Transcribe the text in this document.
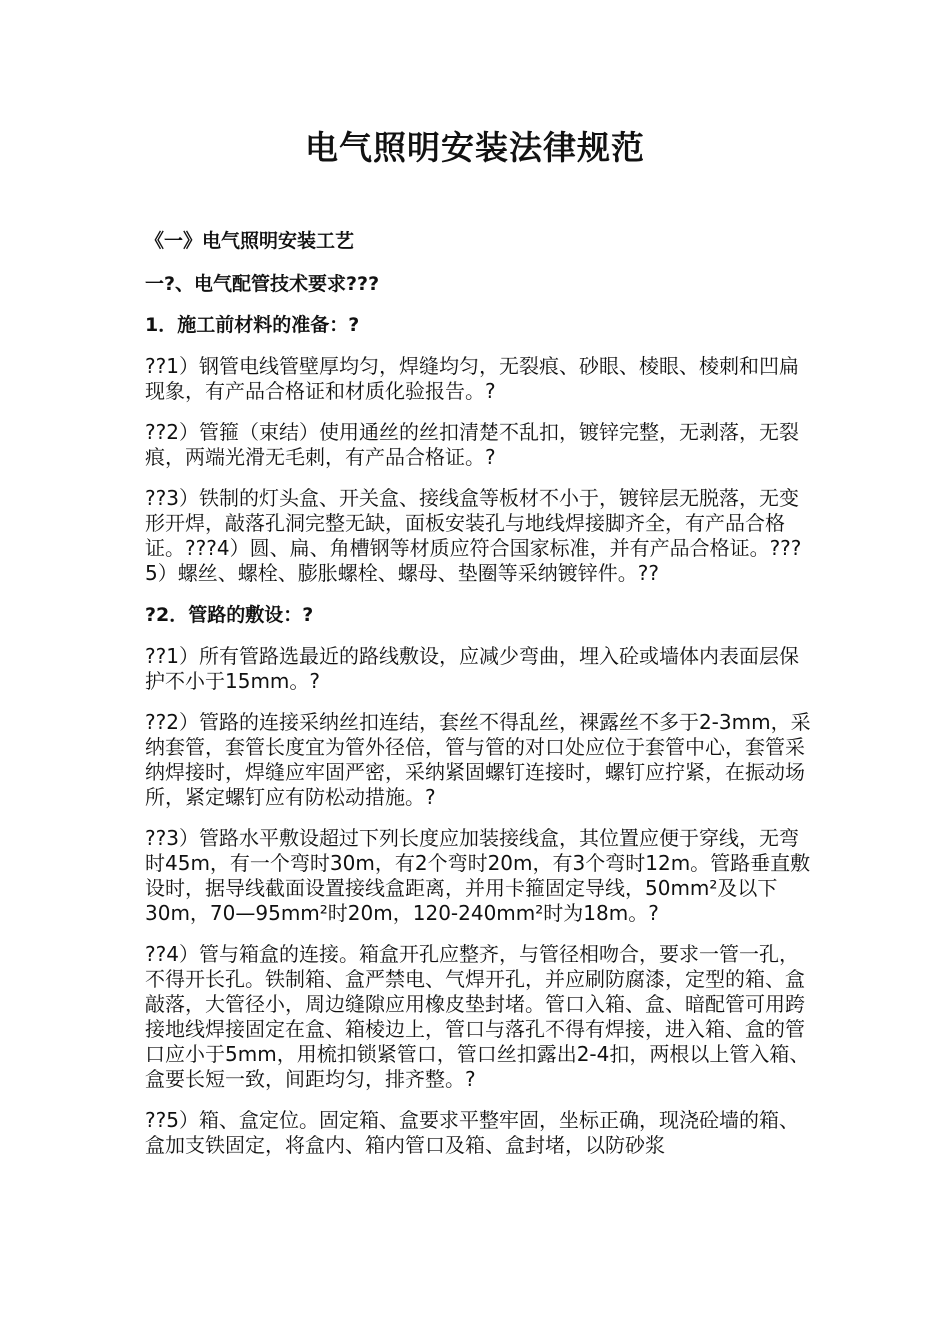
电气照明安装法律规范

《一》电气照明安装工艺

一?、电气配管技术要求???

1．施工前材料的准备：?

??1）钢管电线管壁厚均匀，焊缝均匀，无裂痕、砂眼、棱眼、棱刺和凹扁现象，有产品合格证和材质化验报告。?

??2）管箍（束结）使用通丝的丝扣清楚不乱扣，镀锌完整，无剥落，无裂痕，两端光滑无毛刺，有产品合格证。?

??3）铁制的灯头盒、开关盒、接线盒等板材不小于，镀锌层无脱落，无变形开焊，敲落孔洞完整无缺，面板安装孔与地线焊接脚齐全，有产品合格证。???4）圆、扁、角槽钢等材质应符合国家标准，并有产品合格证。???5）螺丝、螺栓、膨胀螺栓、螺母、垫圈等采纳镀锌件。??

?2．管路的敷设：?

??1）所有管路选最近的路线敷设，应减少弯曲，埋入砼或墙体内表面层保护不小于15mm。?

??2）管路的连接采纳丝扣连结，套丝不得乱丝，裸露丝不多于2-3mm，采纳套管，套管长度宜为管外径倍，管与管的对口处应位于套管中心，套管采纳焊接时，焊缝应牢固严密，采纳紧固螺钉连接时，螺钉应拧紧，在振动场所，紧定螺钉应有防松动措施。?

??3）管路水平敷设超过下列长度应加装接线盒，其位置应便于穿线，无弯时45m，有一个弯时30m，有2个弯时20m，有3个弯时12m。管路垂直敷设时，据导线截面设置接线盒距离，并用卡箍固定导线，50mm²及以下30m，70—95mm²时20m，120-240mm²时为18m。?

??4）管与箱盒的连接。箱盒开孔应整齐，与管径相吻合，要求一管一孔，不得开长孔。铁制箱、盒严禁电、气焊开孔，并应刷防腐漆，定型的箱、盒敲落，大管径小，周边缝隙应用橡皮垫封堵。管口入箱、盒、暗配管可用跨接地线焊接固定在盒、箱棱边上，管口与落孔不得有焊接，进入箱、盒的管口应小于5mm，用梳扣锁紧管口，管口丝扣露出2-4扣，两根以上管入箱、盒要长短一致，间距均匀，排齐整。?

??5）箱、盒定位。固定箱、盒要求平整牢固，坐标正确，现浇砼墙的箱、盒加支铁固定，将盒内、箱内管口及箱、盒封堵，以防砂浆
